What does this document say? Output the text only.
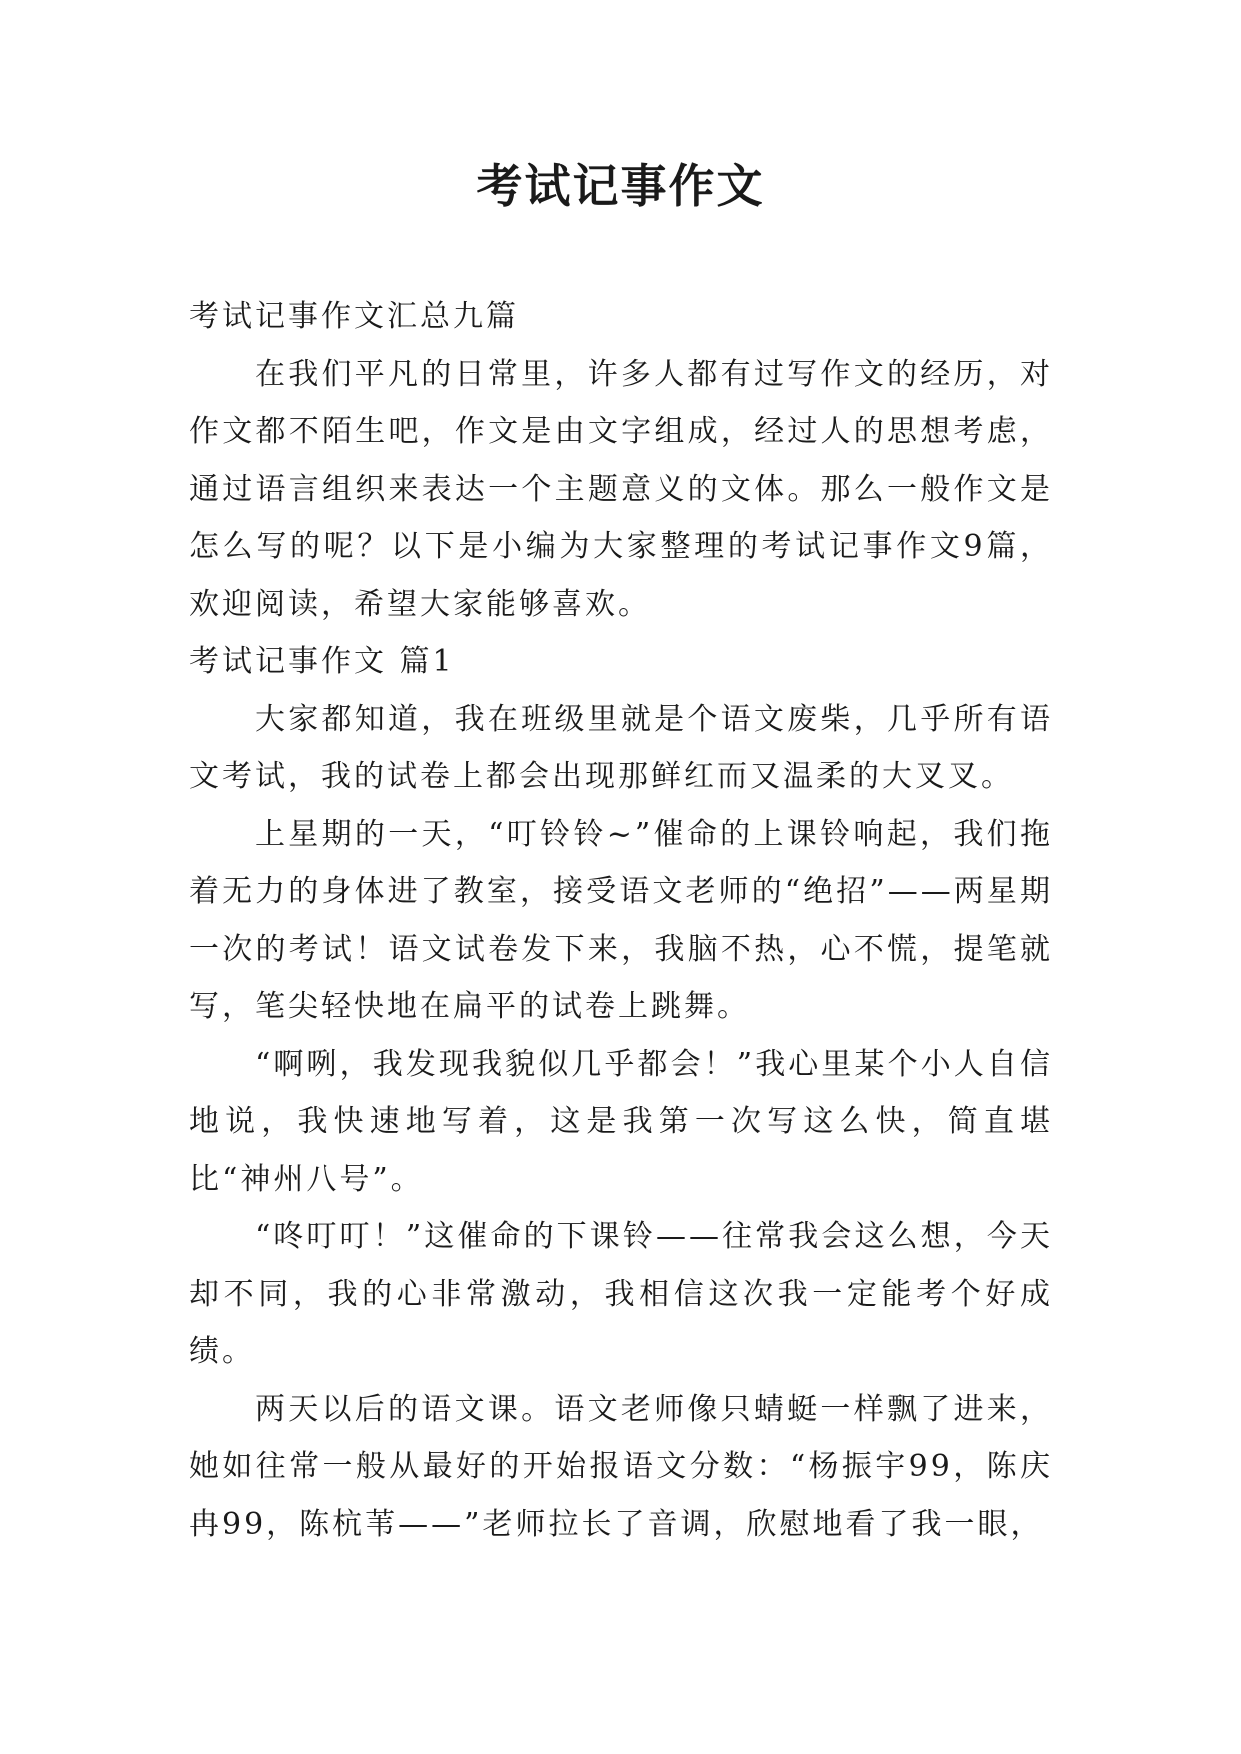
考试记事作文

考试记事作文汇总九篇

在我们平凡的日常里，许多人都有过写作文的经历，对作文都不陌生吧，作文是由文字组成，经过人的思想考虑，通过语言组织来表达一个主题意义的文体。那么一般作文是怎么写的呢？以下是小编为大家整理的考试记事作文9篇，欢迎阅读，希望大家能够喜欢。

考试记事作文 篇1

大家都知道，我在班级里就是个语文废柴，几乎所有语文考试，我的试卷上都会出现那鲜红而又温柔的大叉叉。

上星期的一天，“叮铃铃~”催命的上课铃响起，我们拖着无力的身体进了教室，接受语文老师的“绝招”——两星期一次的考试！语文试卷发下来，我脑不热，心不慌，提笔就写，笔尖轻快地在扁平的试卷上跳舞。

“啊咧，我发现我貌似几乎都会！”我心里某个小人自信地说，我快速地写着，这是我第一次写这么快，简直堪比“神州八号”。

“咚叮叮！”这催命的下课铃——往常我会这么想，今天却不同，我的心非常激动，我相信这次我一定能考个好成绩。

两天以后的语文课。语文老师像只蜻蜓一样飘了进来，她如往常一般从最好的开始报语文分数：“杨振宇99，陈庆冉99，陈杭苇——”老师拉长了音调，欣慰地看了我一眼，
